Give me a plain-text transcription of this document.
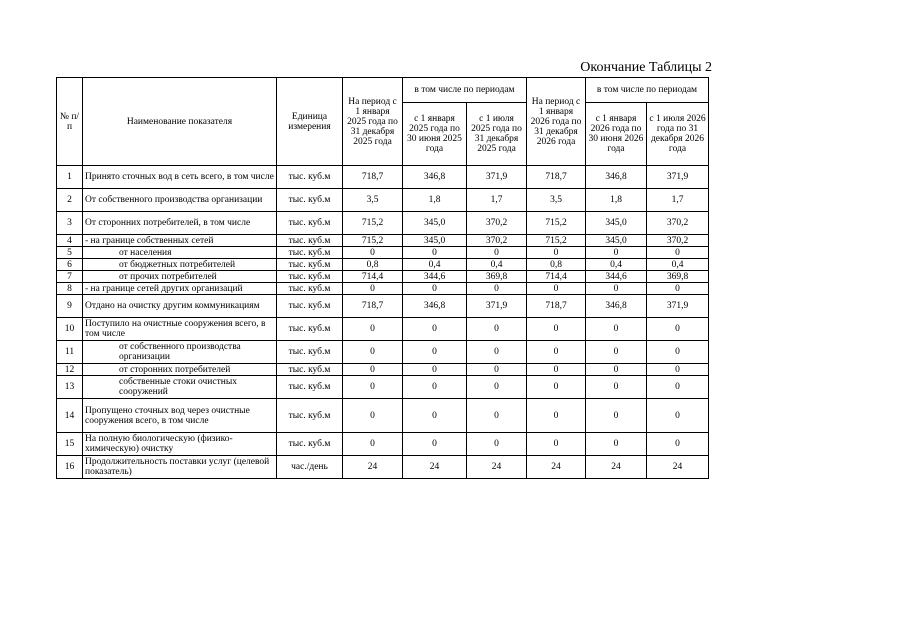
Окончание Таблицы 2
№ п/п	Наименование показателя	Единица измерения	На период с 1 января 2025 года по 31 декабря 2025 года	в том числе по периодам		На период с 1 января 2026 года по 31 декабря 2026 года	в том числе по периодам	
				с 1 января 2025 года по 30 июня 2025 года	с 1 июля 2025 года по 31 декабря 2025 года		с 1 января 2026 года по 30 июня 2026 года	с 1 июля 2026 года по 31 декабря 2026 года
1	Принято сточных вод в сеть всего, в том числе	тыс. куб.м	718,7	346,8	371,9	718,7	346,8	371,9
2	От собственного производства организации	тыс. куб.м	3,5	1,8	1,7	3,5	1,8	1,7
3	От сторонних потребителей, в том числе	тыс. куб.м	715,2	345,0	370,2	715,2	345,0	370,2
4	- на границе собственных сетей	тыс. куб.м	715,2	345,0	370,2	715,2	345,0	370,2
5	от населения	тыс. куб.м	0	0	0	0	0	0
6	от бюджетных потребителей	тыс. куб.м	0,8	0,4	0,4	0,8	0,4	0,4
7	от прочих потребителей	тыс. куб.м	714,4	344,6	369,8	714,4	344,6	369,8
8	- на границе сетей других организаций	тыс. куб.м	0	0	0	0	0	0
9	Отдано на очистку другим коммуникациям	тыс. куб.м	718,7	346,8	371,9	718,7	346,8	371,9
10	Поступило на очистные сооружения всего, в том числе	тыс. куб.м	0	0	0	0	0	0
11	от собственного производства организации	тыс. куб.м	0	0	0	0	0	0
12	от сторонних потребителей	тыс. куб.м	0	0	0	0	0	0
13	собственные стоки очистных сооружений	тыс. куб.м	0	0	0	0	0	0
14	Пропущено сточных вод через очистные сооружения всего, в том числе	тыс. куб.м	0	0	0	0	0	0
15	На полную биологическую (физико-химическую) очистку	тыс. куб.м	0	0	0	0	0	0
16	Продолжительность поставки услуг (целевой показатель)	час./день	24	24	24	24	24	24
